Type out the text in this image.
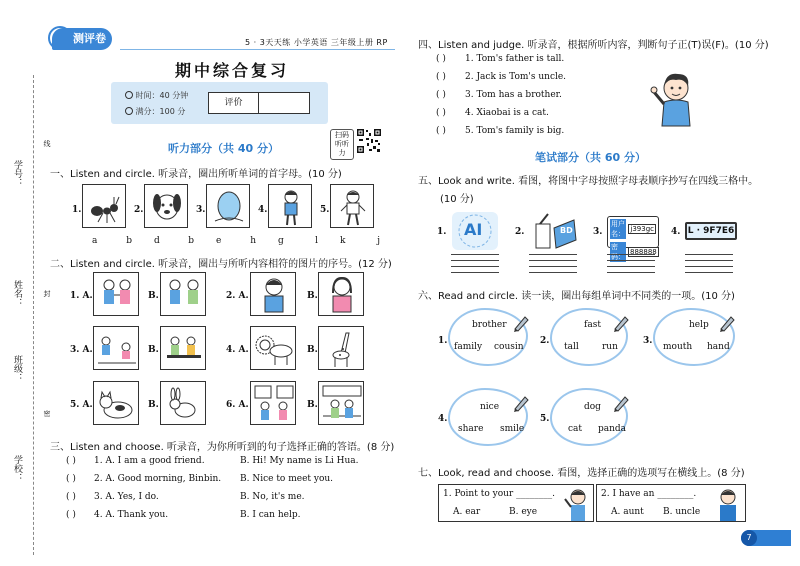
学号：
姓名：
班级：
学校：
线
封
密
测评卷	5 · 3天天练 小学英语 三年级上册 RP
期中综合复习
时间：40 分钟
满分：100 分
评价
听力部分（共 40 分）
扫码听听力
一、Listen and circle. 听录音，圈出所听单词的首字母。(10 分)
1.
a	b
2.
d	b
3.
e	h
4.
g	l
5.
k	j
二、Listen and circle. 听录音，圈出与所听内容相符的图片的序号。(12 分)
1. A.	B.	2. A.	B.
3. A.	B.	4. A.	B.
5. A.	B.	6. A.	B.
三、Listen and choose. 听录音，为你所听到的句子选择正确的答语。(8 分)
( ) 1. A. I am a good friend.	B. Hi! My name is Li Hua.
( ) 2. A. Good morning, Binbin. B. Nice to meet you.
( ) 3. A. Yes, I do.	B. No, it's me.
( ) 4. A. Thank you.	B. I can help.
四、Listen and judge. 听录音，根据所听内容，判断句子正(T)误(F)。(10 分)
( ) 1. Tom's father is tall.
( ) 2. Jack is Tom's uncle.
( ) 3. Tom has a brother.
( ) 4. Xiaobai is a cat.
( ) 5. Tom's family is big.
笔试部分（共 60 分）
五、Look and write. 看图，将图中字母按照字母表顺序抄写在四线三格中。
(10 分)
1. AI	2.	BD 3.
用户名：
j393gc
密码：
888888
4. L · 9F7E6
六、Read and circle. 读一读，圈出每组单词中不同类的一项。(10 分)
1.
brother
family cousin
2.
fast
tall	run
3.
help
mouth hand
4.
nice
share smile
5.
dog
cat panda
七、Look, read and choose. 看图，选择正确的选项写在横线上。(8 分)
1. Point to your ________.
A. ear	B. eye
2. I have an ________.
A. aunt B. uncle
7
